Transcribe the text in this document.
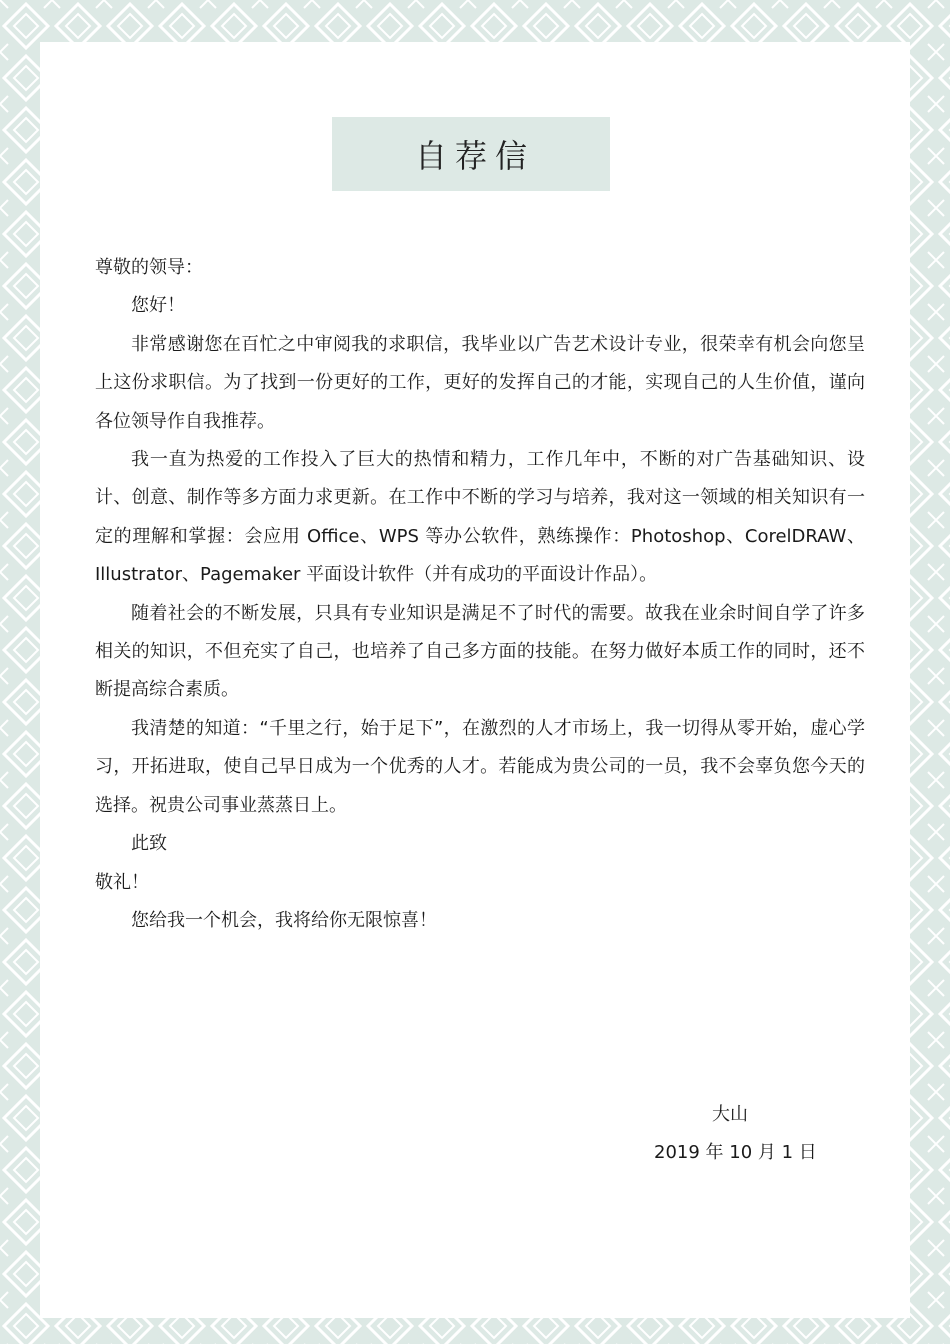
自荐信

尊敬的领导：

您好！

非常感谢您在百忙之中审阅我的求职信，我毕业以广告艺术设计专业，很荣幸有机会向您呈上这份求职信。为了找到一份更好的工作，更好的发挥自己的才能，实现自己的人生价值，谨向各位领导作自我推荐。

我一直为热爱的工作投入了巨大的热情和精力，工作几年中，不断的对广告基础知识、设计、创意、制作等多方面力求更新。在工作中不断的学习与培养，我对这一领域的相关知识有一定的理解和掌握：会应用 Office、WPS 等办公软件，熟练操作：Photoshop、CorelDRAW、Illustrator、Pagemaker 平面设计软件（并有成功的平面设计作品）。

随着社会的不断发展，只具有专业知识是满足不了时代的需要。故我在业余时间自学了许多相关的知识，不但充实了自己，也培养了自己多方面的技能。在努力做好本质工作的同时，还不断提高综合素质。

我清楚的知道：“千里之行，始于足下”，在激烈的人才市场上，我一切得从零开始，虚心学习，开拓进取，使自己早日成为一个优秀的人才。若能成为贵公司的一员，我不会辜负您今天的选择。祝贵公司事业蒸蒸日上。

此致

敬礼！

您给我一个机会，我将给你无限惊喜！

大山
2019 年 10 月 1 日
